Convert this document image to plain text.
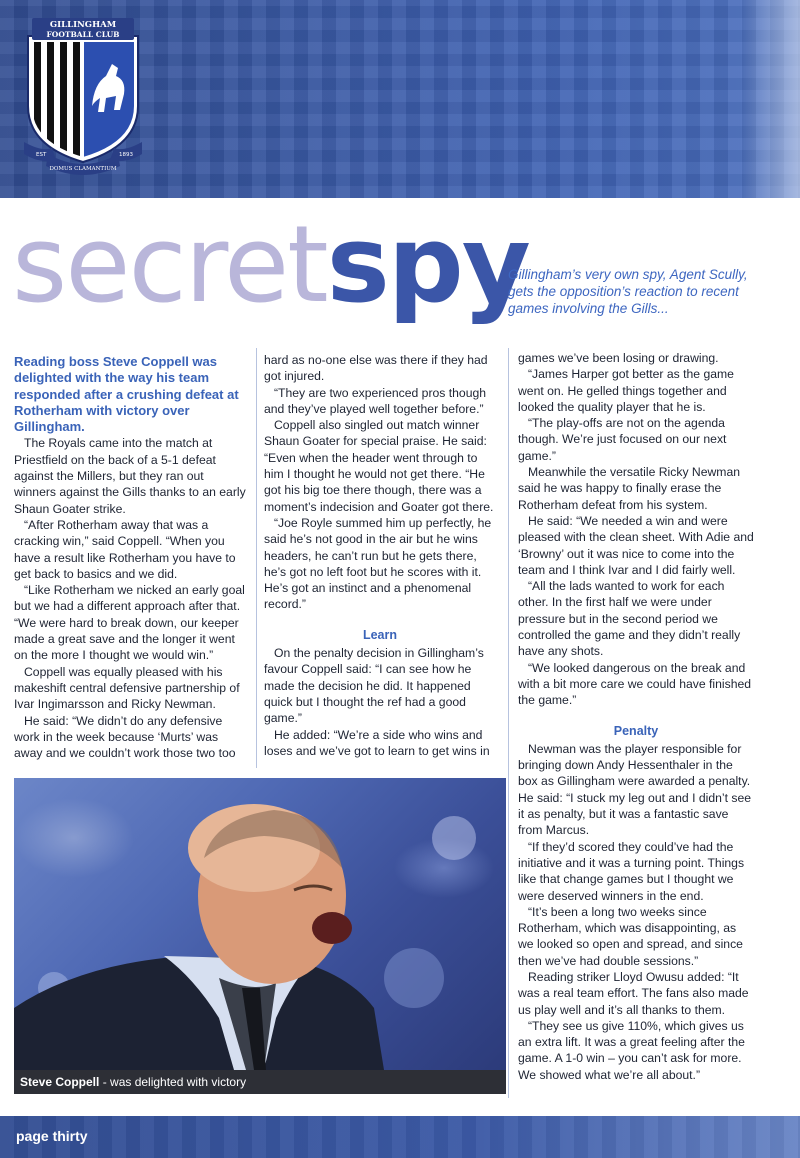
GILLINGHAM
FOOTBALL CLUB
EST	1893
DOMUS CLAMANTIUM
secretspy
Gillingham’s very own spy, Agent Scully, gets the opposition’s reaction to recent games involving the Gills...
Reading boss Steve Coppell was delighted with the way his team responded after a crushing defeat at Rotherham with victory over Gillingham.

The Royals came into the match at Priestfield on the back of a 5-1 defeat against the Millers, but they ran out winners against the Gills thanks to an early Shaun Goater strike.

“After Rotherham away that was a cracking win,” said Coppell. “When you have a result like Rotherham you have to get back to basics and we did.

“Like Rotherham we nicked an early goal but we had a different approach after that. “We were hard to break down, our keeper made a great save and the longer it went on the more I thought we would win.”

Coppell was equally pleased with his makeshift central defensive partnership of Ivar Ingimarsson and Ricky Newman.

He said: “We didn’t do any defensive work in the week because ‘Murts’ was away and we couldn’t work those two too

hard as no-one else was there if they had got injured.

“They are two experienced pros though and they’ve played well together before.”

Coppell also singled out match winner Shaun Goater for special praise. He said: “Even when the header went through to him I thought he would not get there. “He got his big toe there though, there was a moment’s indecision and Goater got there.

“Joe Royle summed him up perfectly, he said he’s not good in the air but he wins headers, he can’t run but he gets there, he’s got no left foot but he scores with it. He’s got an instinct and a phenomenal record.”

Learn

On the penalty decision in Gillingham’s favour Coppell said: “I can see how he made the decision he did. It happened quick but I thought the ref had a good game.”

He added: “We’re a side who wins and loses and we’ve got to learn to get wins in

games we’ve been losing or drawing.

“James Harper got better as the game went on. He gelled things together and looked the quality player that he is.

“The play-offs are not on the agenda though. We’re just focused on our next game.”

Meanwhile the versatile Ricky Newman said he was happy to finally erase the Rotherham defeat from his system.

He said: “We needed a win and were pleased with the clean sheet. With Adie and ‘Browny’ out it was nice to come into the team and I think Ivar and I did fairly well.

“All the lads wanted to work for each other. In the first half we were under pressure but in the second period we controlled the game and they didn’t really have any shots.

“We looked dangerous on the break and with a bit more care we could have finished the game.”

Penalty

Newman was the player responsible for bringing down Andy Hessenthaler in the box as Gillingham were awarded a penalty. He said: “I stuck my leg out and I didn’t see it as penalty, but it was a fantastic save from Marcus.

“If they’d scored they could’ve had the initiative and it was a turning point. Things like that change games but I thought we were deserved winners in the end.

“It’s been a long two weeks since Rotherham, which was disappointing, as we looked so open and spread, and since then we’ve had double sessions.”

Reading striker Lloyd Owusu added: “It was a real team effort. The fans also made us play well and it’s all thanks to them.

“They see us give 110%, which gives us an extra lift. It was a great feeling after the game. A 1-0 win – you can’t ask for more. We showed what we’re all about.”

Steve Coppell - was delighted with victory
page thirty
